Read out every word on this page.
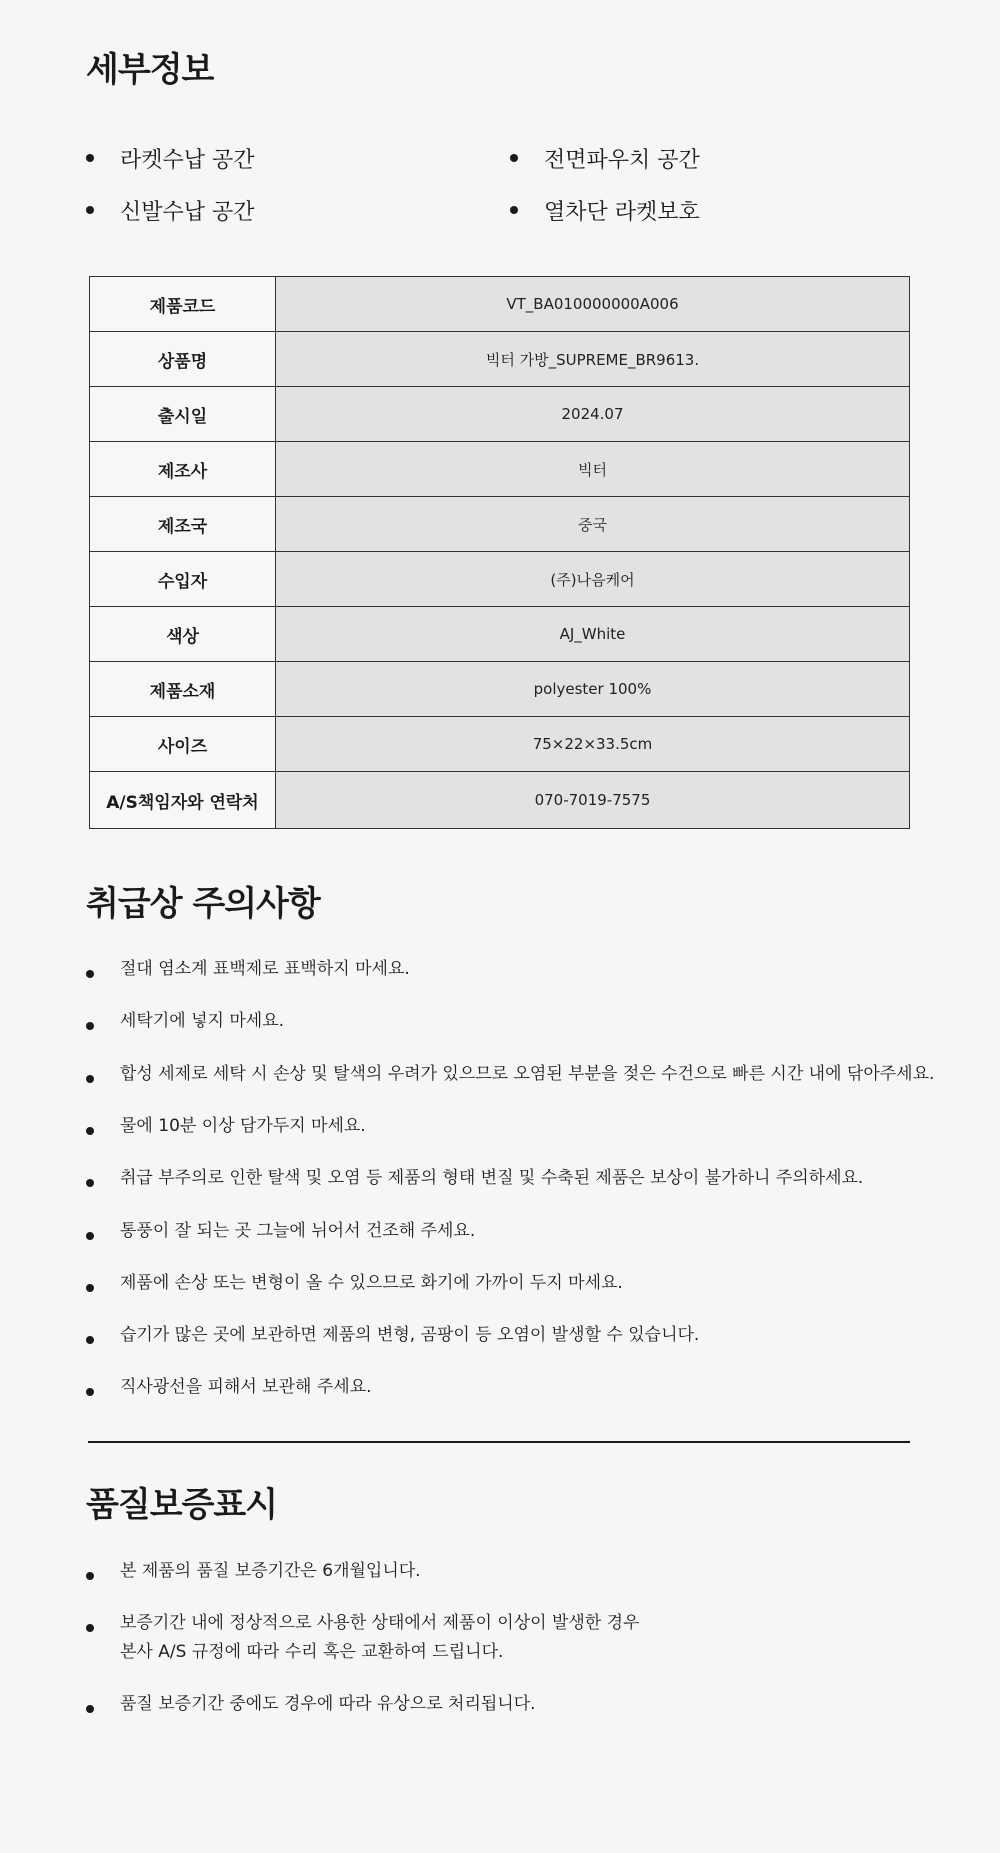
세부정보
라켓수납 공간	전면파우치 공간
신발수납 공간	열차단 라켓보호
제품코드	VT_BA010000000A006
상품명	빅터 가방_SUPREME_BR9613.
출시일	2024.07
제조사	빅터
제조국	중국
수입자	(주)나음케어
색상	AJ_White
제품소재	polyester 100%
사이즈	75×22×33.5cm
A/S책임자와 연락처	070-7019-7575
취급상 주의사항
절대 염소계 표백제로 표백하지 마세요.
세탁기에 넣지 마세요.
합성 세제로 세탁 시 손상 및 탈색의 우려가 있으므로 오염된 부분을 젖은 수건으로 빠른 시간 내에 닦아주세요.
물에 10분 이상 담가두지 마세요.
취급 부주의로 인한 탈색 및 오염 등 제품의 형태 변질 및 수축된 제품은 보상이 불가하니 주의하세요.
통풍이 잘 되는 곳 그늘에 뉘어서 건조해 주세요.
제품에 손상 또는 변형이 올 수 있으므로 화기에 가까이 두지 마세요.
습기가 많은 곳에 보관하면 제품의 변형, 곰팡이 등 오염이 발생할 수 있습니다.
직사광선을 피해서 보관해 주세요.
품질보증표시
본 제품의 품질 보증기간은 6개월입니다.
보증기간 내에 정상적으로 사용한 상태에서 제품이 이상이 발생한 경우
본사 A/S 규정에 따라 수리 혹은 교환하여 드립니다.
품질 보증기간 중에도 경우에 따라 유상으로 처리됩니다.
